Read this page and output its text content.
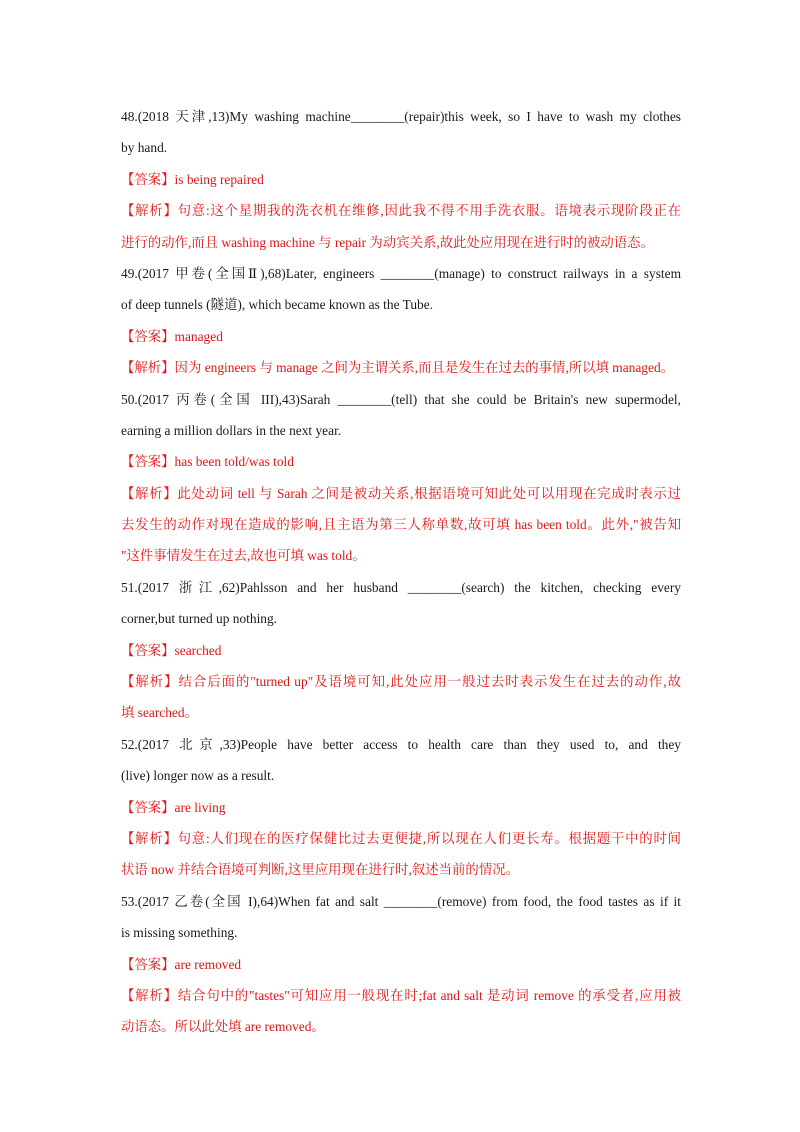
48.(2018 天津,13)My washing machine________(repair)this week, so I have to wash my clothes
by hand.
【答案】is being repaired
【解析】句意:这个星期我的洗衣机在维修,因此我不得不用手洗衣服。语境表示现阶段正在
进行的动作,而且 washing machine 与 repair 为动宾关系,故此处应用现在进行时的被动语态。
49.(2017 甲卷(全国Ⅱ),68)Later, engineers ________(manage) to construct railways in a system
of deep tunnels (隧道), which became known as the Tube.
【答案】managed
【解析】因为 engineers 与 manage 之间为主谓关系,而且是发生在过去的事情,所以填 managed。
50.(2017 丙卷(全国 III),43)Sarah ________(tell) that she could be Britain's new supermodel,
earning a million dollars in the next year.
【答案】has been told/was told
【解析】此处动词 tell 与 Sarah 之间是被动关系,根据语境可知此处可以用现在完成时表示过
去发生的动作对现在造成的影响,且主语为第三人称单数,故可填 has been told。此外,"被告知
"这件事情发生在过去,故也可填 was told。
51.(2017 浙江,62)Pahlsson and her husband ________(search) the kitchen, checking every
corner,but turned up nothing.
【答案】searched
【解析】结合后面的"turned up"及语境可知,此处应用一般过去时表示发生在过去的动作,故
填 searched。
52.(2017 北京,33)People have better access to health care than they used to, and they
(live) longer now as a result.
【答案】are living
【解析】句意:人们现在的医疗保健比过去更便捷,所以现在人们更长寿。根据题干中的时间
状语 now 并结合语境可判断,这里应用现在进行时,叙述当前的情况。
53.(2017 乙卷(全国 I),64)When fat and salt ________(remove) from food, the food tastes as if it
is missing something.
【答案】are removed
【解析】结合句中的"tastes"可知应用一般现在时;fat and salt 是动词 remove 的承受者,应用被
动语态。所以此处填 are removed。
